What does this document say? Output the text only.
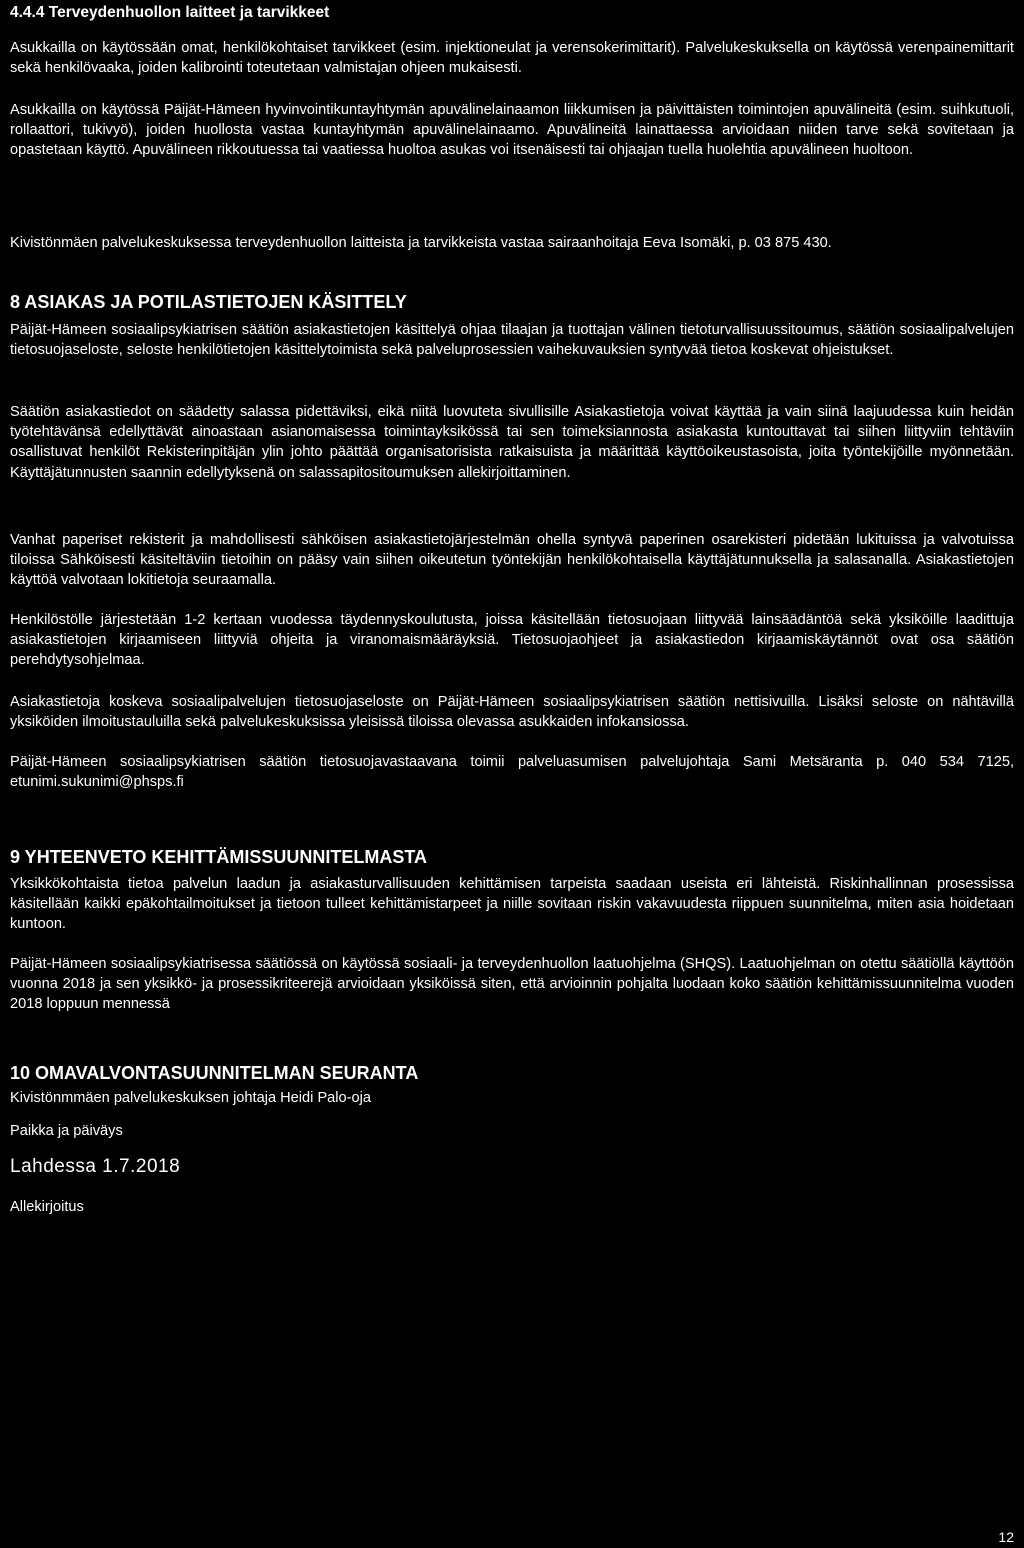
4.4.4 Terveydenhuollon laitteet ja tarvikkeet

Asukkailla on käytössään omat, henkilökohtaiset tarvikkeet (esim. injektioneulat ja verensokerimittarit). Palvelukeskuksella on käytössä verenpainemittarit sekä henkilövaaka, joiden kalibrointi toteutetaan valmistajan ohjeen mukaisesti.

Asukkailla on käytössä Päijät-Hämeen hyvinvointikuntayhtymän apuvälinelainaamon liikkumisen ja päivittäisten toimintojen apuvälineitä (esim. suihkutuoli, rollaattori, tukivyö), joiden huollosta vastaa kuntayhtymän apuvälinelainaamo. Apuvälineitä lainattaessa arvioidaan niiden tarve sekä sovitetaan ja opastetaan käyttö. Apuvälineen rikkoutuessa tai vaatiessa huoltoa asukas voi itsenäisesti tai ohjaajan tuella huolehtia apuvälineen huoltoon.

Kivistönmäen palvelukeskuksessa terveydenhuollon laitteista ja tarvikkeista vastaa sairaanhoitaja Eeva Isomäki, p. 03 875 430.

8 ASIAKAS JA POTILASTIETOJEN KÄSITTELY

Päijät-Hämeen sosiaalipsykiatrisen säätiön asiakastietojen käsittelyä ohjaa tilaajan ja tuottajan välinen tietoturvallisuussitoumus, säätiön sosiaalipalvelujen tietosuojaseloste, seloste henkilötietojen käsittelytoimista sekä palveluprosessien vaihekuvauksien syntyvää tietoa koskevat ohjeistukset.

Säätiön asiakastiedot on säädetty salassa pidettäviksi, eikä niitä luovuteta sivullisille Asiakastietoja voivat käyttää ja vain siinä laajuudessa kuin heidän työtehtävänsä edellyttävät ainoastaan asianomaisessa toimintayksikössä tai sen toimeksiannosta asiakasta kuntouttavat tai siihen liittyviin tehtäviin osallistuvat henkilöt Rekisterinpitäjän ylin johto päättää organisatorisista ratkaisuista ja määrittää käyttöoikeustasoista, joita työntekijöille myönnetään. Käyttäjätunnusten saannin edellytyksenä on salassapitositoumuksen allekirjoittaminen.

Vanhat paperiset rekisterit ja mahdollisesti sähköisen asiakastietojärjestelmän ohella syntyvä paperinen osarekisteri pidetään lukituissa ja valvotuissa tiloissa Sähköisesti käsiteltäviin tietoihin on pääsy vain siihen oikeutetun työntekijän henkilökohtaisella käyttäjätunnuksella ja salasanalla. Asiakastietojen käyttöä valvotaan lokitietoja seuraamalla.

Henkilöstölle järjestetään 1-2 kertaan vuodessa täydennyskoulutusta, joissa käsitellään tietosuojaan liittyvää lainsäädäntöä sekä yksiköille laadittuja asiakastietojen kirjaamiseen liittyviä ohjeita ja viranomaismääräyksiä. Tietosuojaohjeet ja asiakastiedon kirjaamiskäytännöt ovat osa säätiön perehdytysohjelmaa.

Asiakastietoja koskeva sosiaalipalvelujen tietosuojaseloste on Päijät-Hämeen sosiaalipsykiatrisen säätiön nettisivuilla. Lisäksi seloste on nähtävillä yksiköiden ilmoitustauluilla sekä palvelukeskuksissa yleisissä tiloissa olevassa asukkaiden infokansiossa.

Päijät-Hämeen sosiaalipsykiatrisen säätiön tietosuojavastaavana toimii palveluasumisen palvelujohtaja Sami Metsäranta p. 040 534 7125, etunimi.sukunimi@phsps.fi

9 YHTEENVETO KEHITTÄMISSUUNNITELMASTA

Yksikkökohtaista tietoa palvelun laadun ja asiakasturvallisuuden kehittämisen tarpeista saadaan useista eri lähteistä. Riskinhallinnan prosessissa käsitellään kaikki epäkohtailmoitukset ja tietoon tulleet kehittämistarpeet ja niille sovitaan riskin vakavuudesta riippuen suunnitelma, miten asia hoidetaan kuntoon.

Päijät-Hämeen sosiaalipsykiatrisessa säätiössä on käytössä sosiaali- ja terveydenhuollon laatuohjelma (SHQS). Laatuohjelman on otettu säätiöllä käyttöön vuonna 2018 ja sen yksikkö- ja prosessikriteerejä arvioidaan yksiköissä siten, että arvioinnin pohjalta luodaan koko säätiön kehittämissuunnitelma vuoden 2018 loppuun mennessä

10 OMAVALVONTASUUNNITELMAN SEURANTA

Kivistönmmäen palvelukeskuksen johtaja Heidi Palo-oja

Paikka ja päiväys

Lahdessa 1.7.2018

Allekirjoitus

12
